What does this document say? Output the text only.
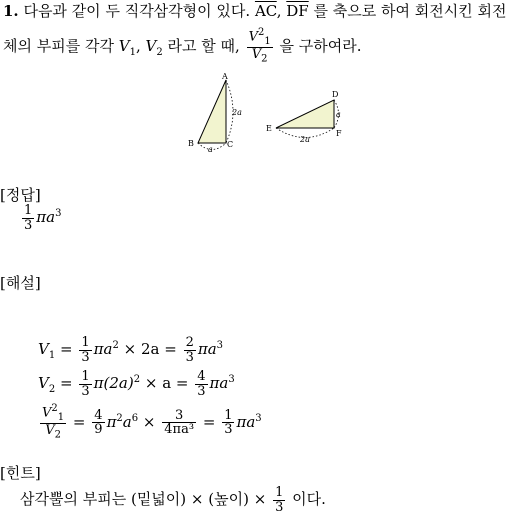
1. 다음과 같이 두 직각삼각형이 있다. $\overline{AC}$, $\overline{DF}$ 를 축으로 하여 회전시킨 회전
체의 부피를 각각 $V_1$, $V_2$ 라고 할 때, $\frac{V^2_1}{V_2}$ 을 구하여라.
A
B	C
2a
a
D
E
F
a
2a
[정답]
$\frac{1}{3} \pi a^3$
[해설]
$V_1 = \frac{1}{3} \pi a^2 \times 2a = \frac{2}{3} \pi a^3$
$V_2 = \frac{1}{3} \pi(2a)^2 \times a = \frac{4}{3} \pi a^3$
$\frac{V^2_1}{V_2} = \frac{4}{9} \pi^2a^6 \times \frac{3}{\text{4πa³}} = \frac{1}{3} \pi a^3$
[힌트]
삼각뿔의 부피는 (밑넓이) × (높이) × $\frac{1}{3}$ 이다.
